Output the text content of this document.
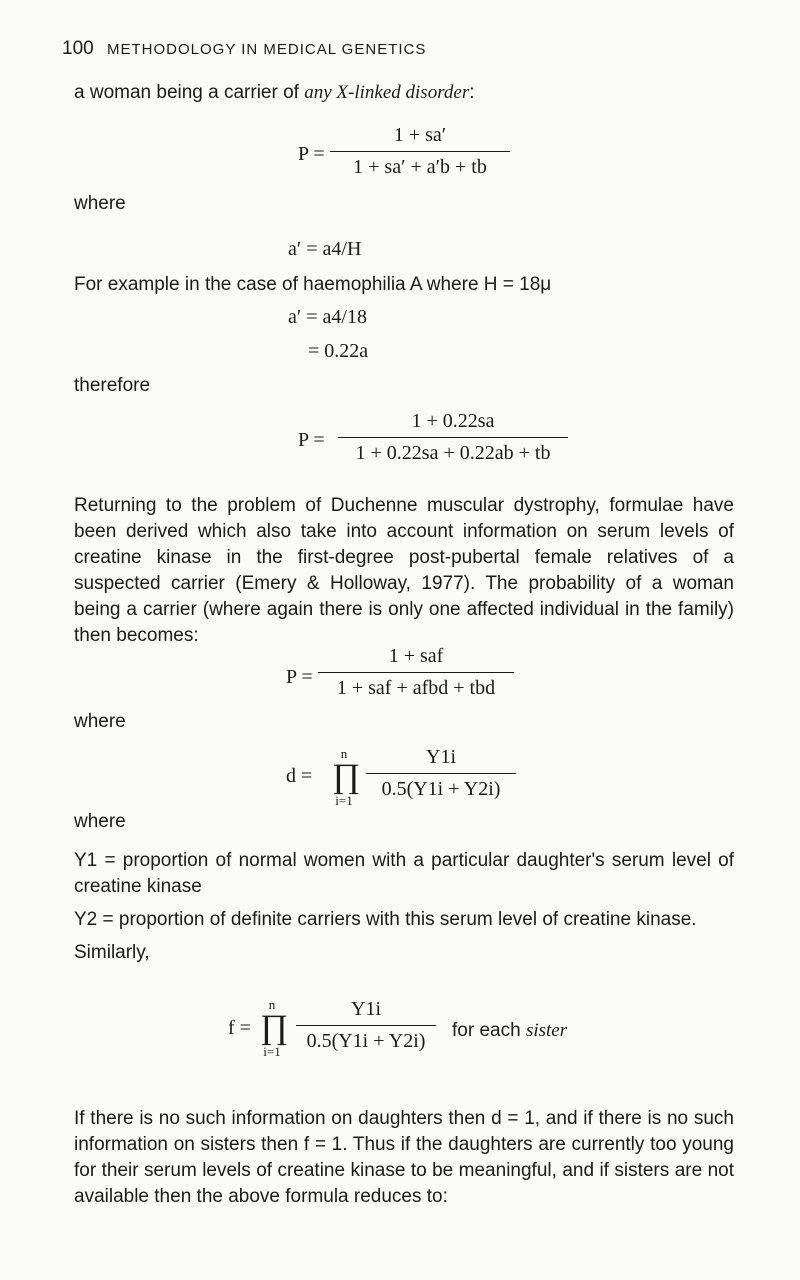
100 METHODOLOGY IN MEDICAL GENETICS
a woman being a carrier of any X-linked disorder:
P =
1 + sa′
1 + sa′ + a′b + tb
where
a′ = a4/H
For example in the case of haemophilia A where H = 18μ
a′ = a4/18
= 0.22a
therefore
P =
1 + 0.22sa
1 + 0.22sa + 0.22ab + tb
Returning to the problem of Duchenne muscular dystrophy, formulae have been derived which also take into account information on serum levels of creatine kinase in the first-degree post-pubertal female relatives of a suspected carrier (Emery & Holloway, 1977). The probability of a woman being a carrier (where again there is only one affected individual in the family) then becomes:
P =
1 + saf
1 + saf + afbd + tbd
where
d =
n
∏
i=1
Y1i
0.5(Y1i + Y2i)
where
Y1 = proportion of normal women with a particular daughter's serum level of creatine kinase
Y2 = proportion of definite carriers with this serum level of creatine kinase.
Similarly,
f =
n
∏
i=1
Y1i
0.5(Y1i + Y2i)	for each sister
If there is no such information on daughters then d = 1, and if there is no such information on sisters then f = 1. Thus if the daughters are currently too young for their serum levels of creatine kinase to be meaningful, and if sisters are not available then the above formula reduces to:
